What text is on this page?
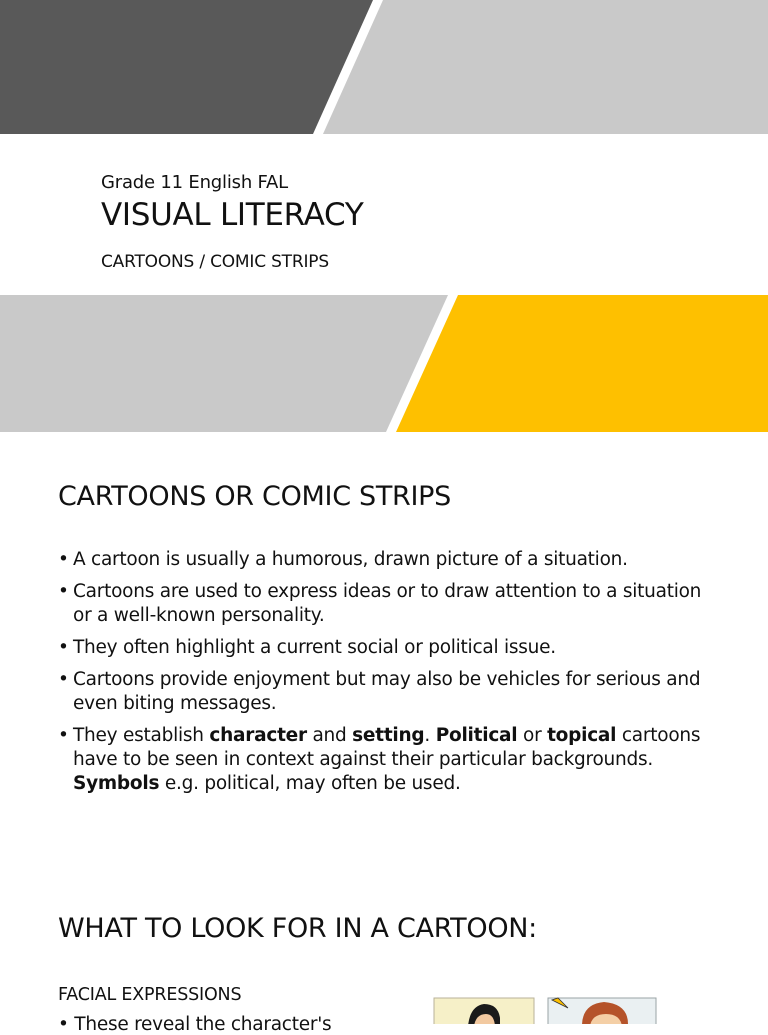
Grade 11 English FAL
VISUAL LITERACY
CARTOONS / COMIC STRIPS
CARTOONS OR COMIC STRIPS
• A cartoon is usually a humorous, drawn picture of a situation.
• Cartoons are used to express ideas or to draw attention to a situation or a well-known personality.
• They often highlight a current social or political issue.
• Cartoons provide enjoyment but may also be vehicles for serious and even biting messages.
• They establish character and setting. Political or topical cartoons have to be seen in context against their particular backgrounds. Symbols e.g. political, may often be used.
WHAT TO LOOK FOR IN A CARTOON:
FACIAL EXPRESSIONS
• These reveal the character's
